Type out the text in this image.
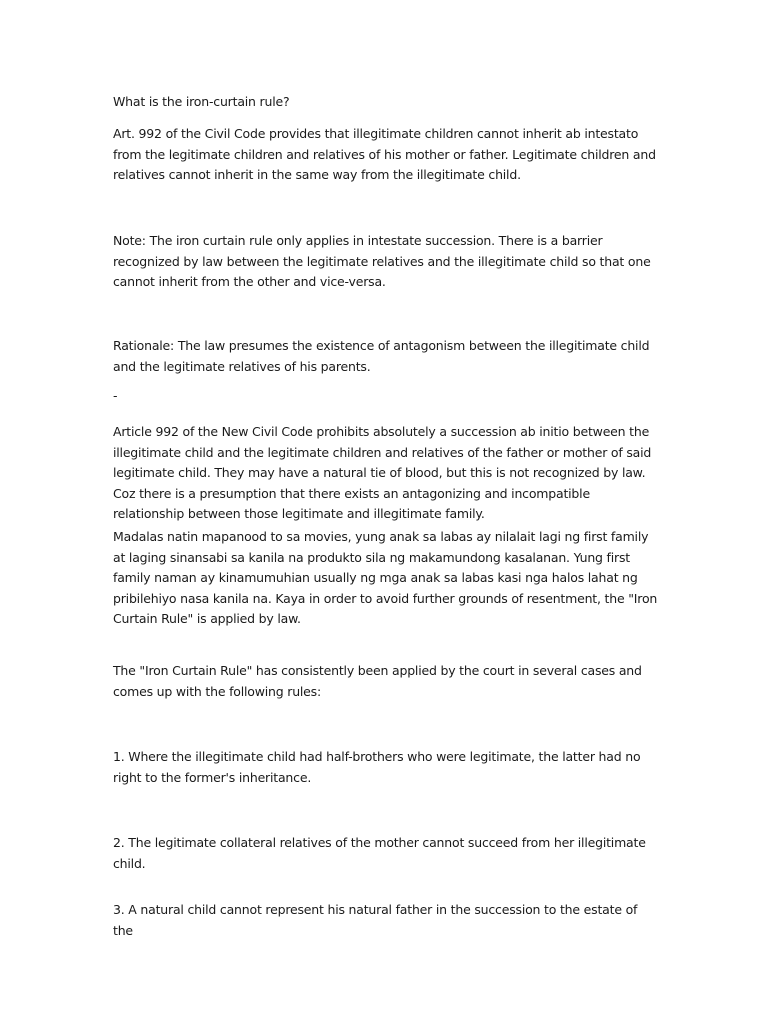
What is the iron-curtain rule?

Art. 992 of the Civil Code provides that illegitimate children cannot inherit ab intestato from the legitimate children and relatives of his mother or father. Legitimate children and relatives cannot inherit in the same way from the illegitimate child.

Note: The iron curtain rule only applies in intestate succession. There is a barrier recognized by law between the legitimate relatives and the illegitimate child so that one cannot inherit from the other and vice-versa.

Rationale: The law presumes the existence of antagonism between the illegitimate child and the legitimate relatives of his parents.

-

Article 992 of the New Civil Code prohibits absolutely a succession ab initio between the illegitimate child and the legitimate children and relatives of the father or mother of said legitimate child. They may have a natural tie of blood, but this is not recognized by law. Coz there is a presumption that there exists an antagonizing and incompatible relationship between those legitimate and illegitimate family.

Madalas natin mapanood to sa movies, yung anak sa labas ay nilalait lagi ng first family at laging sinansabi sa kanila na produkto sila ng makamundong kasalanan. Yung first family naman ay kinamumuhian usually ng mga anak sa labas kasi nga halos lahat ng pribilehiyo nasa kanila na. Kaya in order to avoid further grounds of resentment, the "Iron Curtain Rule" is applied by law.

The "Iron Curtain Rule" has consistently been applied by the court in several cases and comes up with the following rules:

1. Where the illegitimate child had half-brothers who were legitimate, the latter had no right to the former's inheritance.

2. The legitimate collateral relatives of the mother cannot succeed from her illegitimate child.

3. A natural child cannot represent his natural father in the succession to the estate of the
